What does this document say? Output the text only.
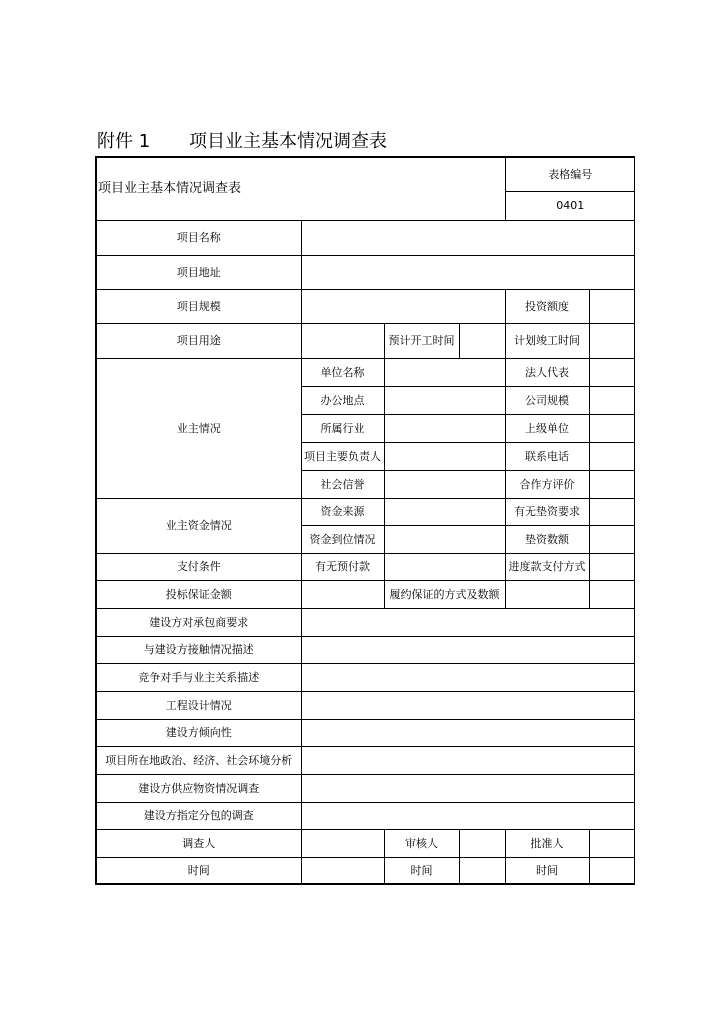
附件 1 项目业主基本情况调查表
项目业主基本情况调查表				表格编号	
				0401	
项目名称					
项目地址					
项目规模				投资额度	
项目用途		预计开工时间		计划竣工时间	
业主情况	单位名称			法人代表	
	办公地点			公司规模	
	所属行业			上级单位	
	项目主要负责人			联系电话	
	社会信誉			合作方评价	
业主资金情况	资金来源			有无垫资要求	
	资金到位情况			垫资数额	
支付条件	有无预付款			进度款支付方式	
投标保证金额		履约保证的方式及数额			
建设方对承包商要求					
与建设方接触情况描述					
竞争对手与业主关系描述					
工程设计情况					
建设方倾向性					
项目所在地政治、经济、社会环境分析					
建设方供应物资情况调查					
建设方指定分包的调查					
调查人		审核人		批准人	
时间		时间		时间	
